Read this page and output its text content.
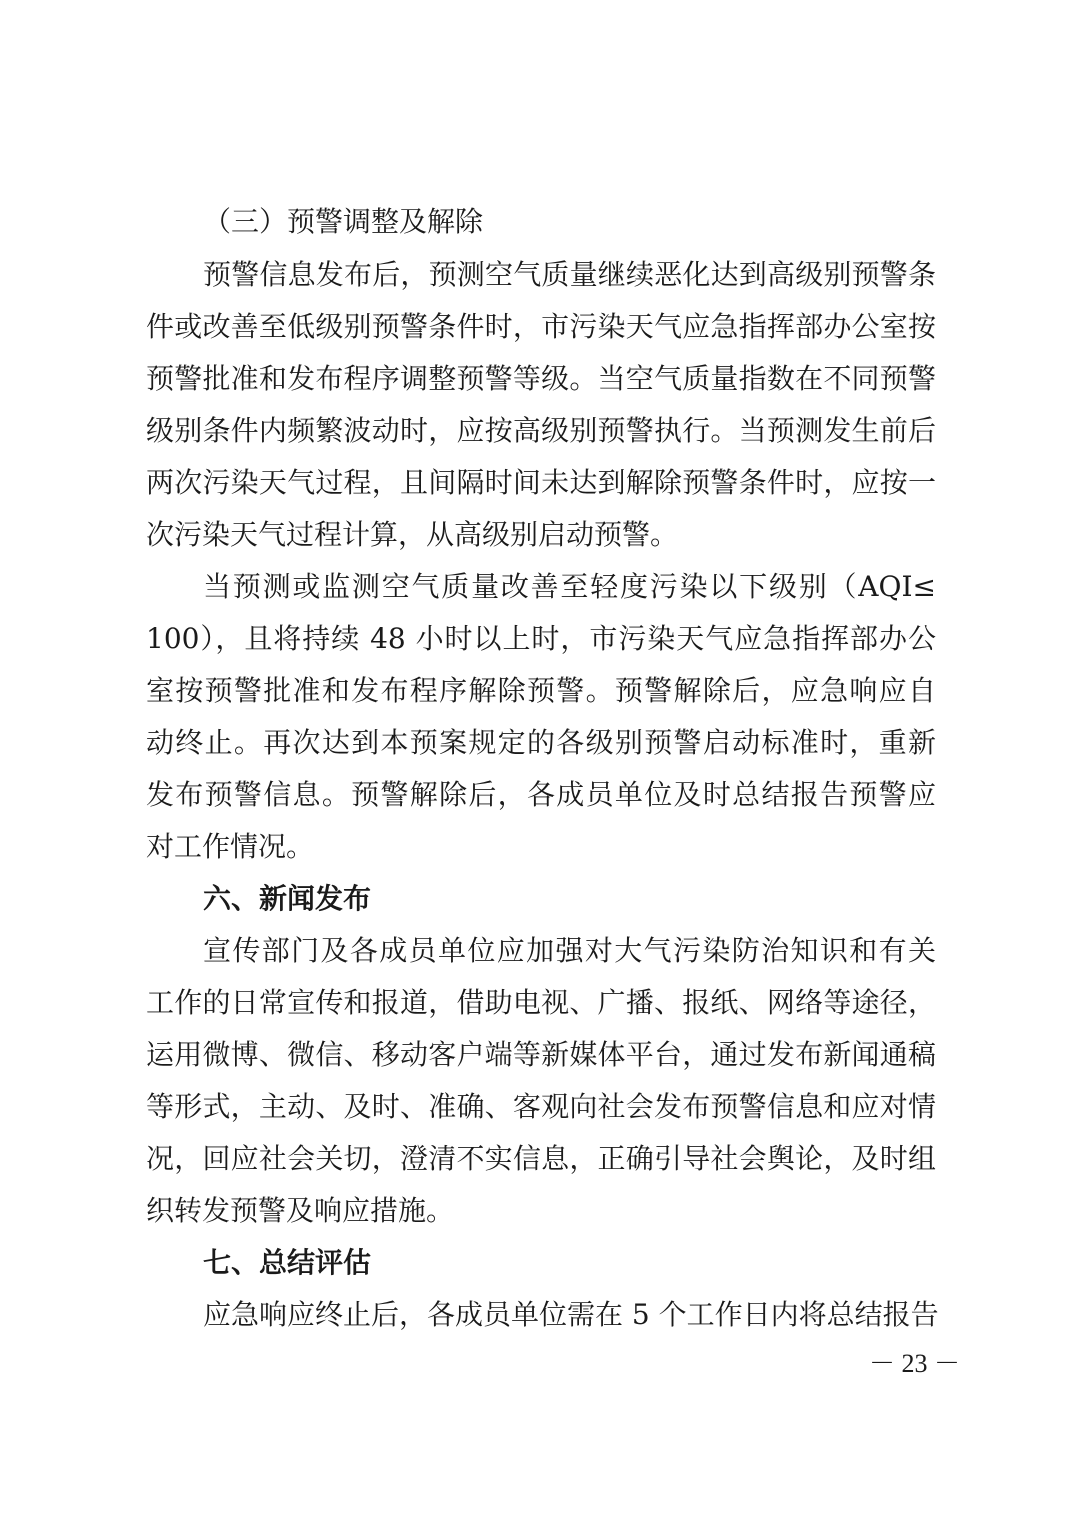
（三）预警调整及解除
预警信息发布后，预测空气质量继续恶化达到高级别预警条
件或改善至低级别预警条件时，市污染天气应急指挥部办公室按
预警批准和发布程序调整预警等级。当空气质量指数在不同预警
级别条件内频繁波动时，应按高级别预警执行。当预测发生前后
两次污染天气过程，且间隔时间未达到解除预警条件时，应按一
次污染天气过程计算，从高级别启动预警。
当预测或监测空气质量改善至轻度污染以下级别（AQI≤
100），且将持续 48 小时以上时，市污染天气应急指挥部办公
室按预警批准和发布程序解除预警。预警解除后，应急响应自
动终止。再次达到本预案规定的各级别预警启动标准时，重新
发布预警信息。预警解除后，各成员单位及时总结报告预警应
对工作情况。
六、新闻发布
宣传部门及各成员单位应加强对大气污染防治知识和有关
工作的日常宣传和报道，借助电视、广播、报纸、网络等途径，
运用微博、微信、移动客户端等新媒体平台，通过发布新闻通稿
等形式，主动、及时、准确、客观向社会发布预警信息和应对情
况，回应社会关切，澄清不实信息，正确引导社会舆论，及时组
织转发预警及响应措施。
七、总结评估
应急响应终止后，各成员单位需在 5 个工作日内将总结报告
－ 23 －
